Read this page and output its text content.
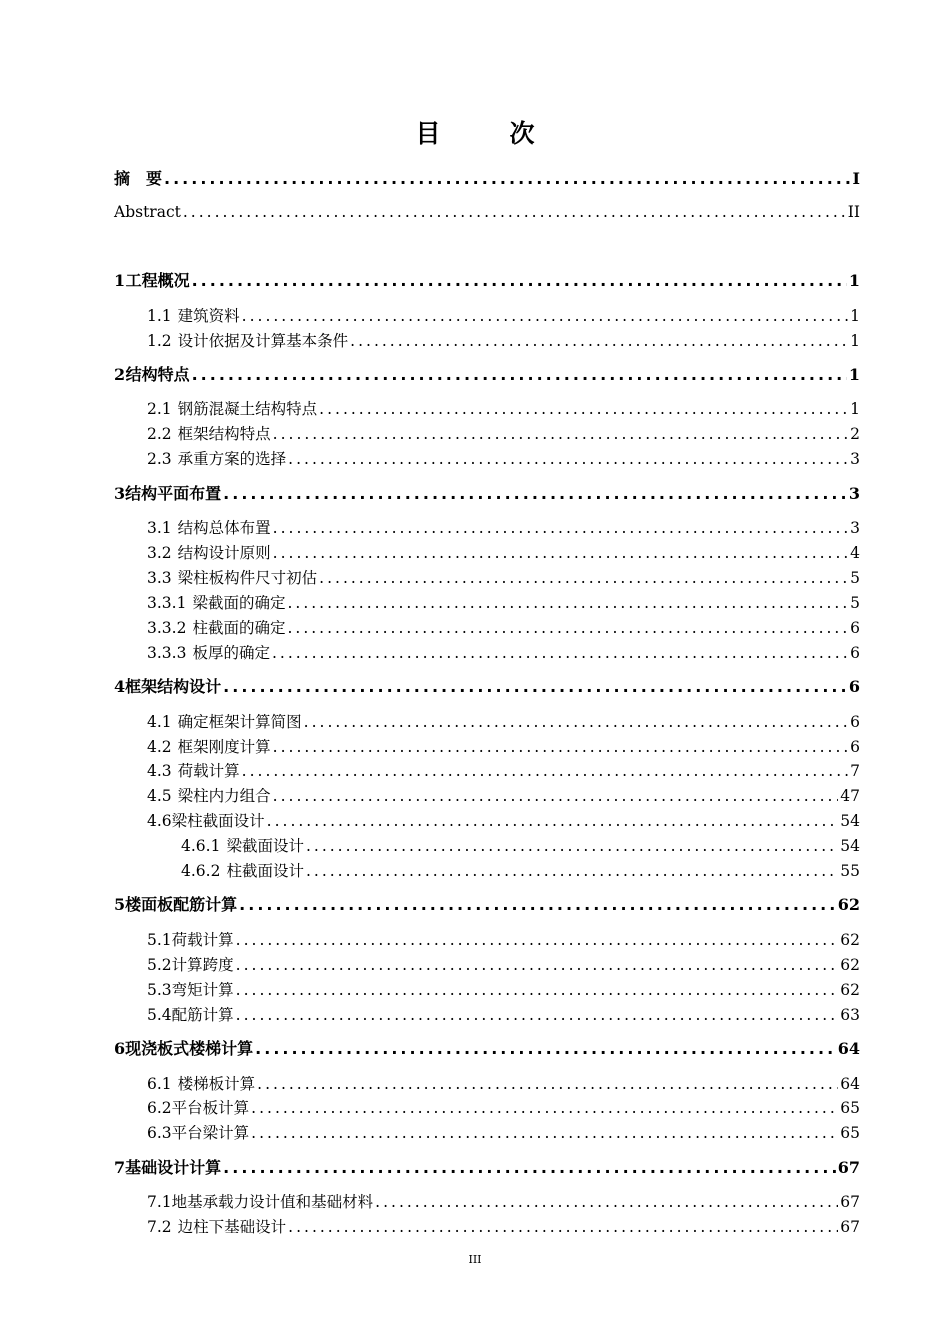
目　次
摘　要 .....	I
Abstract .....	II
1 工程概况 .....	1
1.1 建筑资料 .....	1
1.2 设计依据及计算基本条件 .....	1
2 结构特点 .....	1
2.1 钢筋混凝土结构特点 .....	1
2.2 框架结构特点 .....	2
2.3 承重方案的选择 .....	3
3 结构平面布置 .....	3
3.1 结构总体布置 .....	3
3.2 结构设计原则 .....	4
3.3 梁柱板构件尺寸初估 .....	5
3.3.1 梁截面的确定 .....	5
3.3.2 柱截面的确定 .....	6
3.3.3 板厚的确定 .....	6
4 框架结构设计 .....	6
4.1 确定框架计算简图 .....	6
4.2 框架刚度计算 .....	6
4.3 荷载计算 .....	7
4.5 梁柱内力组合 .....	47
4.6 梁柱截面设计 .....	54
4.6.1 梁截面设计 .....	54
4.6.2 柱截面设计 .....	55
5 楼面板配筋计算 .....	62
5.1 荷载计算 .....	62
5.2 计算跨度 .....	62
5.3 弯矩计算 .....	62
5.4 配筋计算 .....	63
6 现浇板式楼梯计算 .....	64
6.1 楼梯板计算 .....	64
6.2 平台板计算 .....	65
6.3 平台梁计算 .....	65
7 基础设计计算 .....	67
7.1 地基承载力设计值和基础材料 .....	67
7.2 边柱下基础设计 .....	67
III
